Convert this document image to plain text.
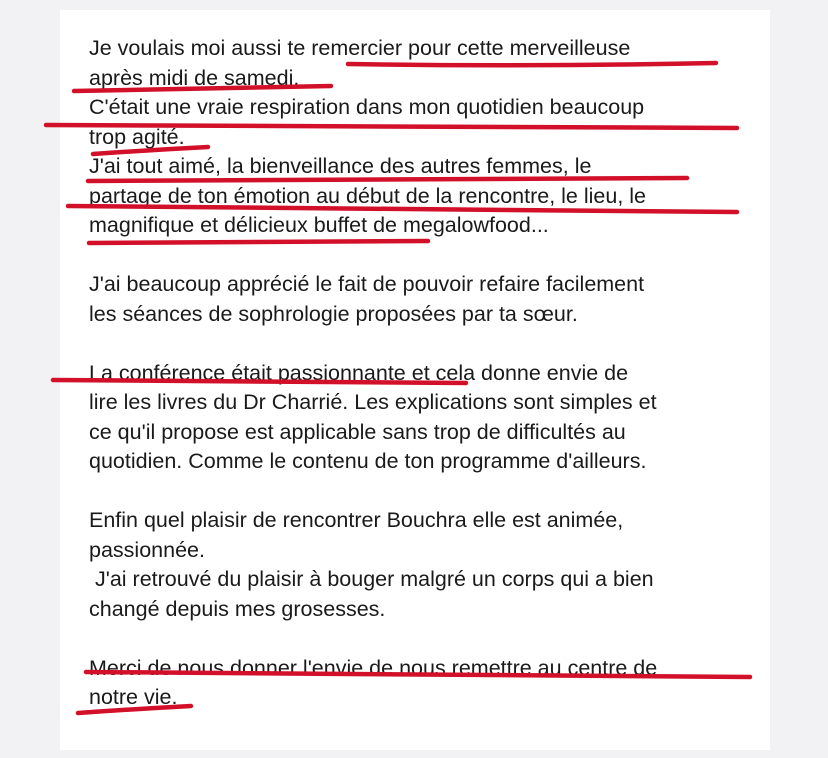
Je voulais moi aussi te remercier pour cette merveilleuse
après midi de samedi.
C'était une vraie respiration dans mon quotidien beaucoup
trop agité.
J'ai tout aimé, la bienveillance des autres femmes, le
partage de ton émotion au début de la rencontre, le lieu, le
magnifique et délicieux buffet de megalowfood...
J'ai beaucoup apprécié le fait de pouvoir refaire facilement
les séances de sophrologie proposées par ta sœur.
La conférence était passionnante et cela donne envie de
lire les livres du Dr Charrié. Les explications sont simples et
ce qu'il propose est applicable sans trop de difficultés au
quotidien. Comme le contenu de ton programme d'ailleurs.
Enfin quel plaisir de rencontrer Bouchra elle est animée,
passionnée.
J'ai retrouvé du plaisir à bouger malgré un corps qui a bien
changé depuis mes grosesses.
Merci de nous donner l'envie de nous remettre au centre de
notre vie.
